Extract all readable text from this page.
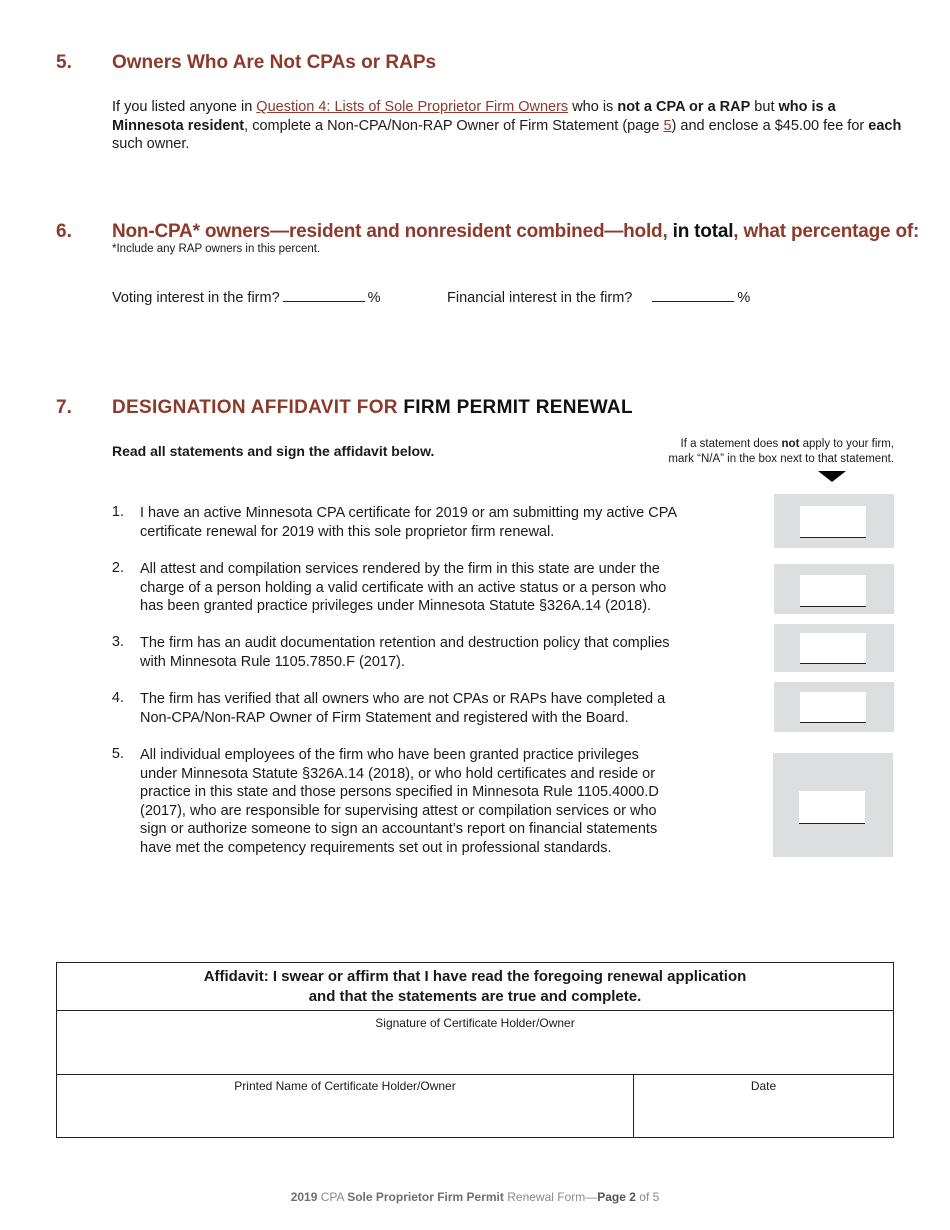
5. Owners Who Are Not CPAs or RAPs
If you listed anyone in Question 4: Lists of Sole Proprietor Firm Owners who is not a CPA or a RAP but who is a Minnesota resident, complete a Non-CPA/Non-RAP Owner of Firm Statement (page 5) and enclose a $45.00 fee for each such owner.
6. Non-CPA* owners—resident and nonresident combined—hold, in total, what percentage of:
*Include any RAP owners in this percent.
Voting interest in the firm?	%	Financial interest in the firm?	%
7. DESIGNATION AFFIDAVIT FOR FIRM PERMIT RENEWAL
Read all statements and sign the affidavit below.	If a statement does not apply to your firm,
mark “N/A” in the box next to that statement.
1. I have an active Minnesota CPA certificate for 2019 or am submitting my active CPA
certificate renewal for 2019 with this sole proprietor firm renewal.
2. All attest and compilation services rendered by the firm in this state are under the
charge of a person holding a valid certificate with an active status or a person who
has been granted practice privileges under Minnesota Statute §326A.14 (2018).
3. The firm has an audit documentation retention and destruction policy that complies
with Minnesota Rule 1105.7850.F (2017).
4. The firm has verified that all owners who are not CPAs or RAPs have completed a
Non-CPA/Non-RAP Owner of Firm Statement and registered with the Board.
5. All individual employees of the firm who have been granted practice privileges
under Minnesota Statute §326A.14 (2018), or who hold certificates and reside or
practice in this state and those persons specified in Minnesota Rule 1105.4000.D
(2017), who are responsible for supervising attest or compilation services or who
sign or authorize someone to sign an accountant’s report on financial statements
have met the competency requirements set out in professional standards.
Affidavit: I swear or affirm that I have read the foregoing renewal application
and that the statements are true and complete.
Signature of Certificate Holder/Owner
Printed Name of Certificate Holder/Owner	Date
2019 CPA Sole Proprietor Firm Permit Renewal Form—Page 2 of 5
